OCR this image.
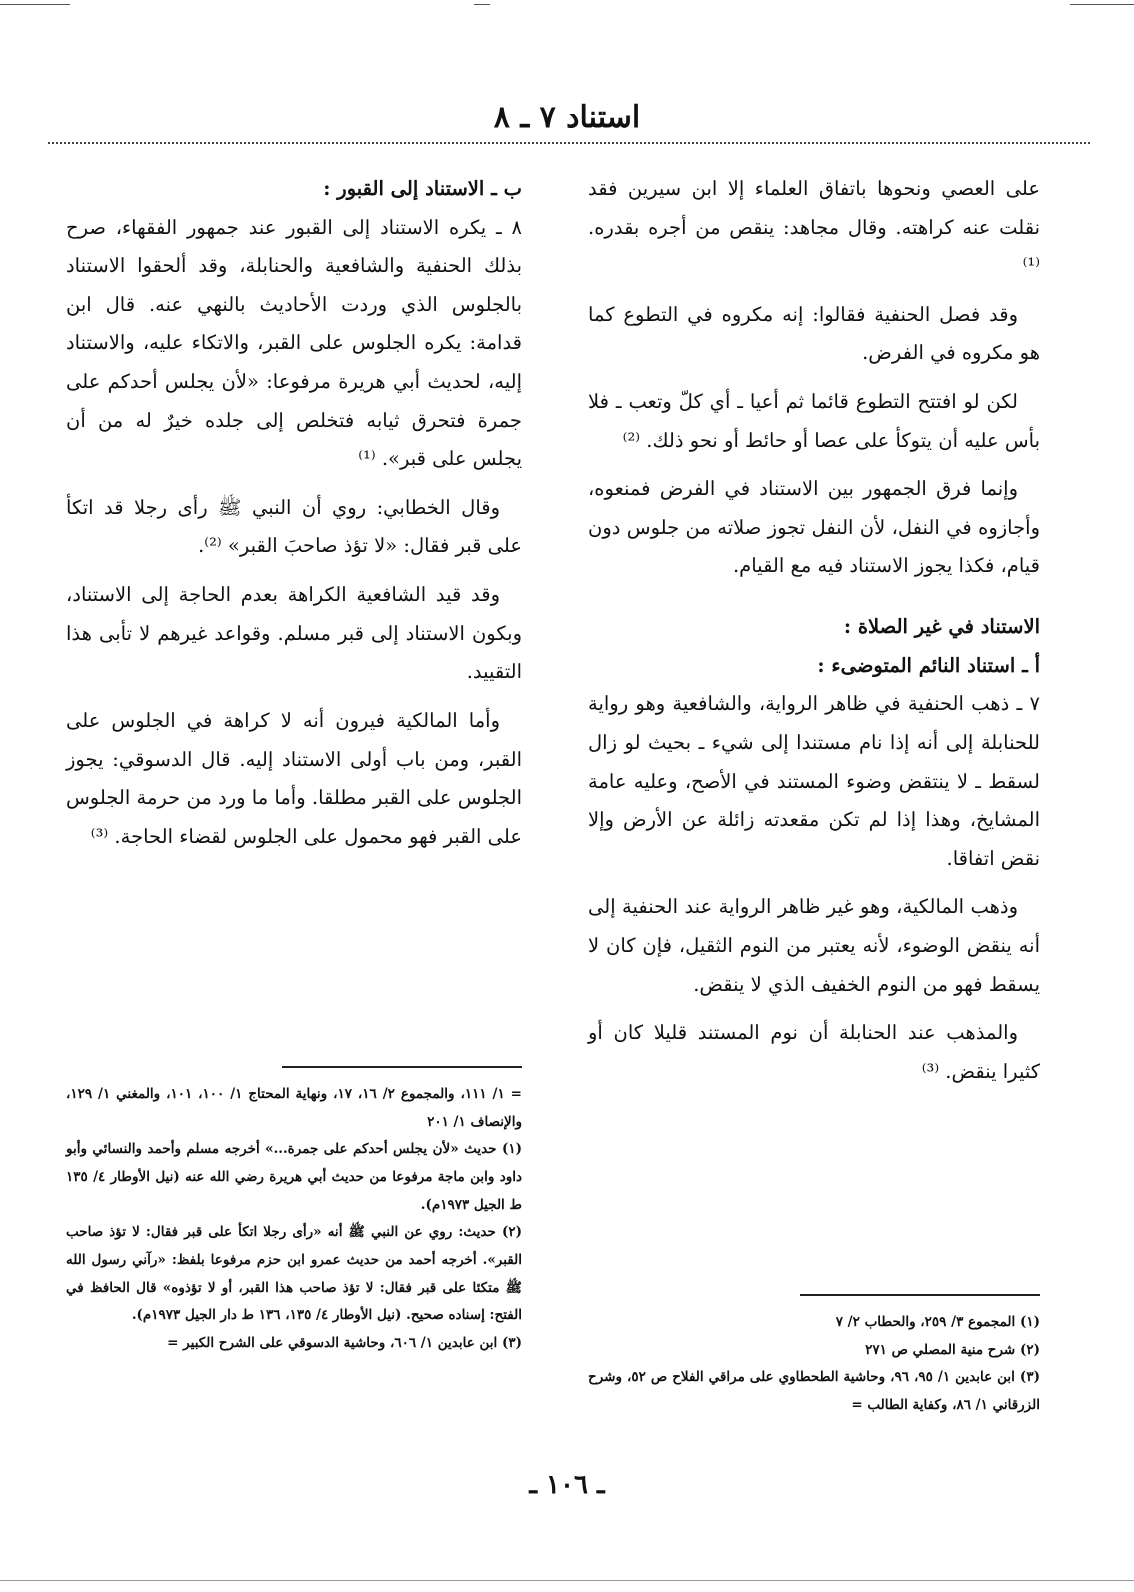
استناد ٧ ـ ٨

على العصي ونحوها باتفاق العلماء إلا ابن سيرين فقد نقلت عنه كراهته. وقال مجاهد: ينقص من أجره بقدره. ⁽¹⁾

وقد فصل الحنفية فقالوا: إنه مكروه في التطوع كما هو مكروه في الفرض.

لكن لو افتتح التطوع قائما ثم أعيا ـ أي كلّ وتعب ـ فلا بأس عليه أن يتوكأ على عصا أو حائط أو نحو ذلك. ⁽²⁾

وإنما فرق الجمهور بين الاستناد في الفرض فمنعوه، وأجازوه في النفل، لأن النفل تجوز صلاته من جلوس دون قيام، فكذا يجوز الاستناد فيه مع القيام.

الاستناد في غير الصلاة :

أ ـ استناد النائم المتوضىء :

٧ ـ ذهب الحنفية في ظاهر الرواية، والشافعية وهو رواية للحنابلة إلى أنه إذا نام مستندا إلى شيء ـ بحيث لو زال لسقط ـ لا ينتقض وضوء المستند في الأصح، وعليه عامة المشايخ، وهذا إذا لم تكن مقعدته زائلة عن الأرض وإلا نقض اتفاقا.

وذهب المالكية، وهو غير ظاهر الرواية عند الحنفية إلى أنه ينقض الوضوء، لأنه يعتبر من النوم الثقيل، فإن كان لا يسقط فهو من النوم الخفيف الذي لا ينقض.

والمذهب عند الحنابلة أن نوم المستند قليلا كان أو كثيرا ينقض. ⁽³⁾

ب ـ الاستناد إلى القبور :

٨ ـ يكره الاستناد إلى القبور عند جمهور الفقهاء، صرح بذلك الحنفية والشافعية والحنابلة، وقد ألحقوا الاستناد بالجلوس الذي وردت الأحاديث بالنهي عنه. قال ابن قدامة: يكره الجلوس على القبر، والاتكاء عليه، والاستناد إليه، لحديث أبي هريرة مرفوعا: «لأن يجلس أحدكم على جمرة فتحرق ثيابه فتخلص إلى جلده خيرٌ له من أن يجلس على قبر». ⁽¹⁾

وقال الخطابي: روي أن النبي ﷺ رأى رجلا قد اتكأ على قبر فقال: «لا تؤذ صاحبَ القبر» ⁽²⁾.

وقد قيد الشافعية الكراهة بعدم الحاجة إلى الاستناد، وبكون الاستناد إلى قبر مسلم. وقواعد غيرهم لا تأبى هذا التقييد.

وأما المالكية فيرون أنه لا كراهة في الجلوس على القبر، ومن باب أولى الاستناد إليه. قال الدسوقي: يجوز الجلوس على القبر مطلقا. وأما ما ورد من حرمة الجلوس على القبر فهو محمول على الجلوس لقضاء الحاجة. ⁽³⁾

= ١/ ١١١، والمجموع ٢/ ١٦، ١٧، ونهاية المحتاج ١/ ١٠٠، ١٠١، والمغني ١/ ١٢٩، والإنصاف ١/ ٢٠١

(١) حديث «لأن يجلس أحدكم على جمرة...» أخرجه مسلم وأحمد والنسائي وأبو داود وابن ماجة مرفوعا من حديث أبي هريرة رضي الله عنه (نيل الأوطار ٤/ ١٣٥ ط الجيل ١٩٧٣م).

(٢) حديث: روي عن النبي ﷺ أنه «رأى رجلا اتكأ على قبر فقال: لا تؤذ صاحب القبر». أخرجه أحمد من حديث عمرو ابن حزم مرفوعا بلفظ: «رآني رسول الله ﷺ متكئا على قبر فقال: لا تؤذ صاحب هذا القبر، أو لا تؤذوه» قال الحافظ في الفتح: إسناده صحيح. (نيل الأوطار ٤/ ١٣٥، ١٣٦ ط دار الجيل ١٩٧٣م).

(٣) ابن عابدين ١/ ٦٠٦، وحاشية الدسوقي على الشرح الكبير =

(١) المجموع ٣/ ٢٥٩، والحطاب ٢/ ٧

(٢) شرح منية المصلي ص ٢٧١

(٣) ابن عابدين ١/ ٩٥، ٩٦، وحاشية الطحطاوي على مراقي الفلاح ص ٥٢، وشرح الزرقاني ١/ ٨٦، وكفاية الطالب =

ـ ١٠٦ ـ
